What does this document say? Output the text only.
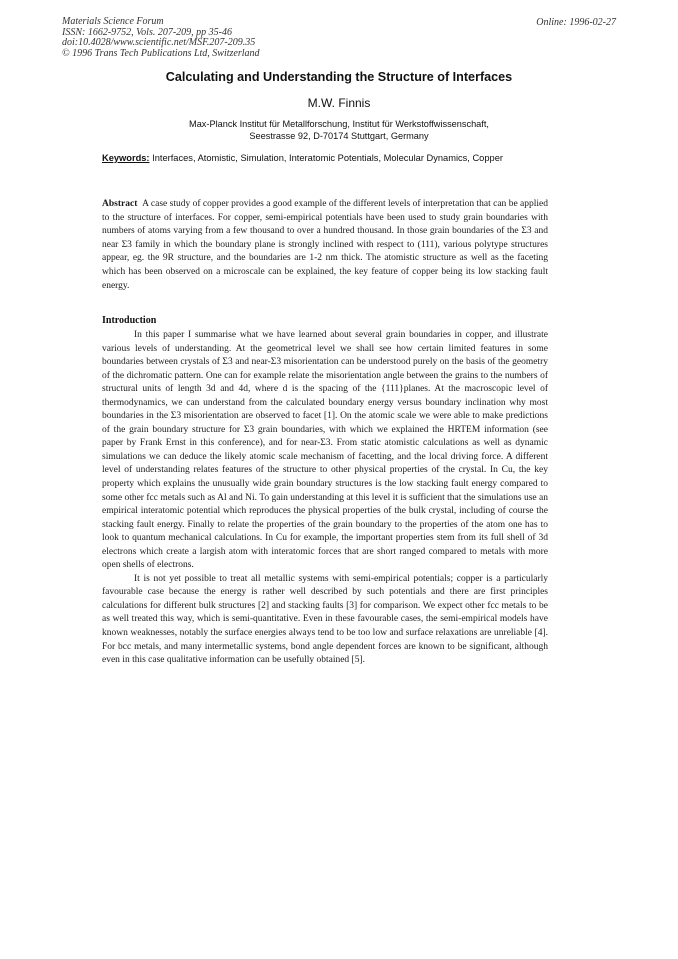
Materials Science Forum
ISSN: 1662-9752, Vols. 207-209, pp 35-46
doi:10.4028/www.scientific.net/MSF.207-209.35
© 1996 Trans Tech Publications Ltd, Switzerland
Online: 1996-02-27
Calculating and Understanding the Structure of Interfaces
M.W. Finnis
Max-Planck Institut für Metallforschung, Institut für Werkstoffwissenschaft,
Seestrasse 92, D-70174 Stuttgart, Germany
Keywords: Interfaces, Atomistic, Simulation, Interatomic Potentials, Molecular Dynamics, Copper
Abstract A case study of copper provides a good example of the different levels of interpretation that can be applied to the structure of interfaces. For copper, semi-empirical potentials have been used to study grain boundaries with numbers of atoms varying from a few thousand to over a hundred thousand. In those grain boundaries of the Σ3 and near Σ3 family in which the boundary plane is strongly inclined with respect to (111), various polytype structures appear, eg. the 9R structure, and the boundaries are 1-2 nm thick. The atomistic structure as well as the faceting which has been observed on a microscale can be explained, the key feature of copper being its low stacking fault energy.
Introduction

In this paper I summarise what we have learned about several grain boundaries in copper, and illustrate various levels of understanding. At the geometrical level we shall see how certain limited features in some boundaries between crystals of Σ3 and near-Σ3 misorientation can be understood purely on the basis of the geometry of the dichromatic pattern. One can for example relate the misorientation angle between the grains to the numbers of structural units of length 3d and 4d, where d is the spacing of the {111}planes. At the macroscopic level of thermodynamics, we can understand from the calculated boundary energy versus boundary inclination why most boundaries in the Σ3 misorientation are observed to facet [1]. On the atomic scale we were able to make predictions of the grain boundary structure for Σ3 grain boundaries, with which we explained the HRTEM information (see paper by Frank Ernst in this conference), and for near-Σ3. From static atomistic calculations as well as dynamic simulations we can deduce the likely atomic scale mechanism of facetting, and the local driving force. A different level of understanding relates features of the structure to other physical properties of the crystal. In Cu, the key property which explains the unusually wide grain boundary structures is the low stacking fault energy compared to some other fcc metals such as Al and Ni. To gain understanding at this level it is sufficient that the simulations use an empirical interatomic potential which reproduces the physical properties of the bulk crystal, including of course the stacking fault energy. Finally to relate the properties of the grain boundary to the properties of the atom one has to look to quantum mechanical calculations. In Cu for example, the important properties stem from its full shell of 3d electrons which create a largish atom with interatomic forces that are short ranged compared to metals with more open shells of electrons.

It is not yet possible to treat all metallic systems with semi-empirical potentials; copper is a particularly favourable case because the energy is rather well described by such potentials and there are first principles calculations for different bulk structures [2] and stacking faults [3] for comparison. We expect other fcc metals to be as well treated this way, which is semi-quantitative. Even in these favourable cases, the semi-empirical models have known weaknesses, notably the surface energies always tend to be too low and surface relaxations are unreliable [4]. For bcc metals, and many intermetallic systems, bond angle dependent forces are known to be significant, although even in this case qualitative information can be usefully obtained [5].
